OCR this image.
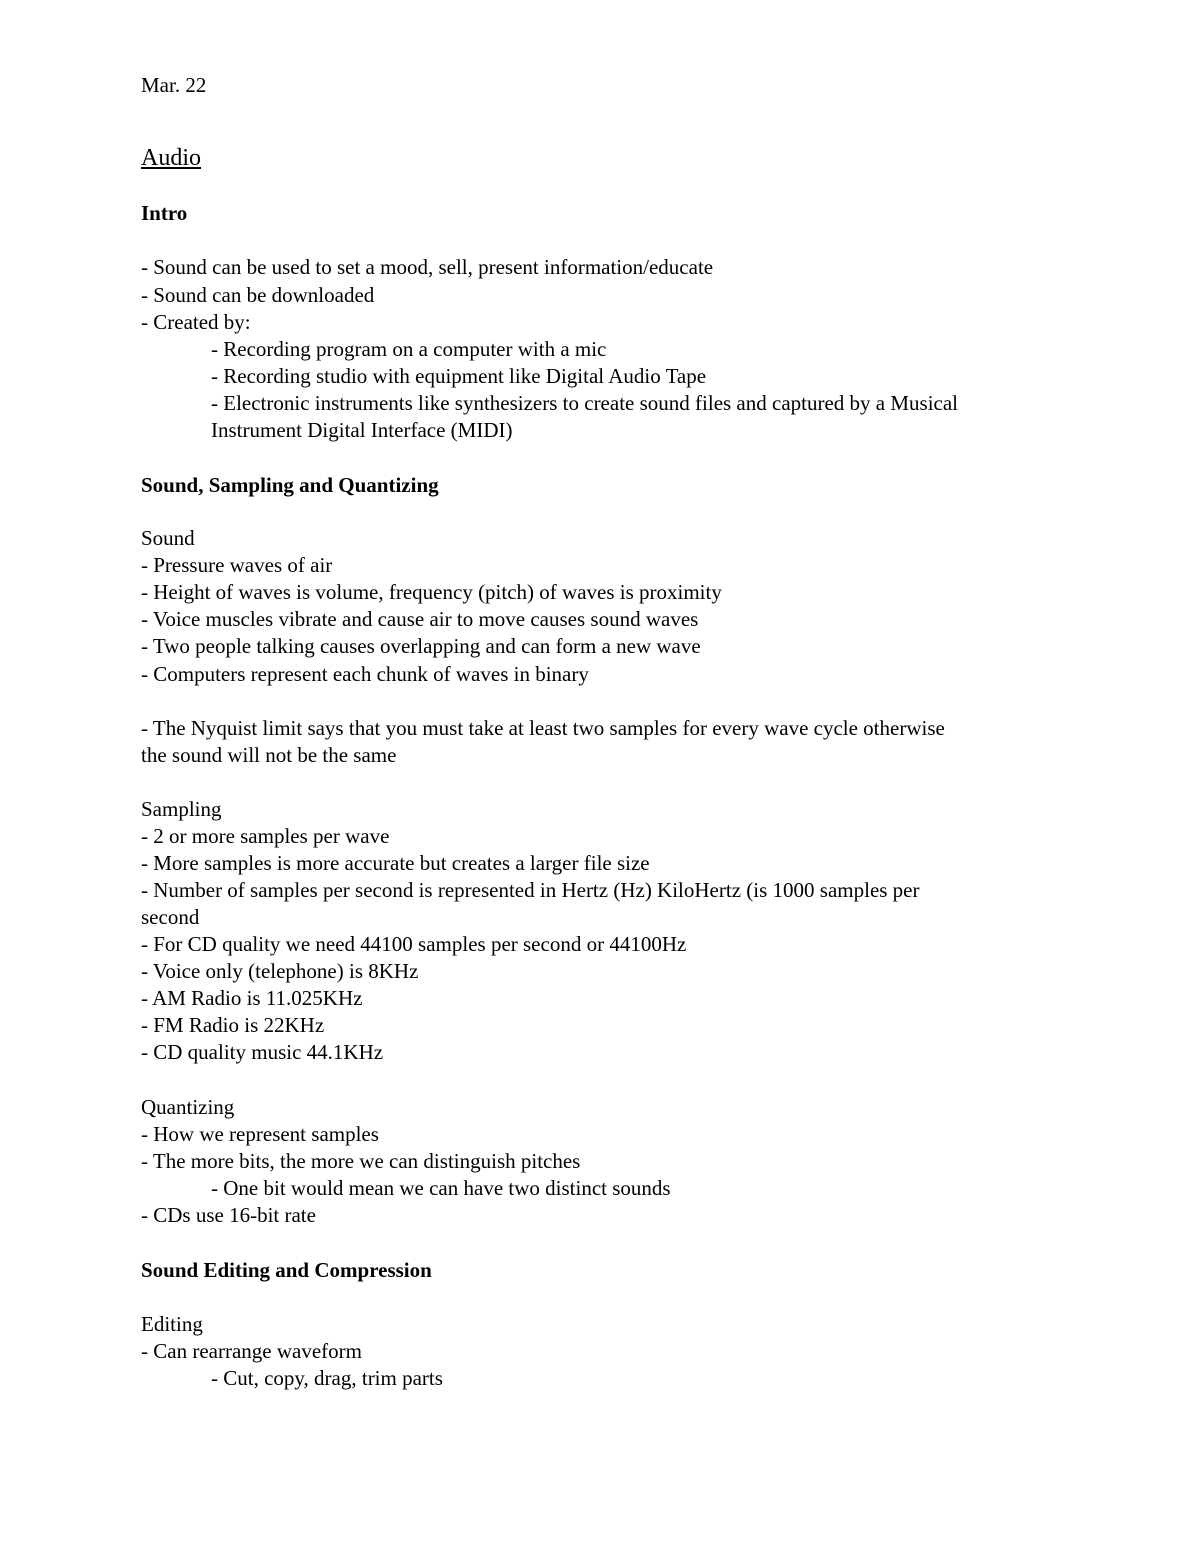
Mar. 22

Audio
Intro

- Sound can be used to set a mood, sell, present information/educate

- Sound can be downloaded

- Created by:

- Recording program on a computer with a mic

- Recording studio with equipment like Digital Audio Tape

- Electronic instruments like synthesizers to create sound files and captured by a Musical

Instrument Digital Interface (MIDI)

Sound, Sampling and Quantizing

Sound

- Pressure waves of air

- Height of waves is volume, frequency (pitch) of waves is proximity

- Voice muscles vibrate and cause air to move causes sound waves

- Two people talking causes overlapping and can form a new wave

- Computers represent each chunk of waves in binary

- The Nyquist limit says that you must take at least two samples for every wave cycle otherwise

the sound will not be the same

Sampling

- 2 or more samples per wave

- More samples is more accurate but creates a larger file size

- Number of samples per second is represented in Hertz (Hz) KiloHertz (is 1000 samples per

second

- For CD quality we need 44100 samples per second or 44100Hz

- Voice only (telephone) is 8KHz

- AM Radio is 11.025KHz

- FM Radio is 22KHz

- CD quality music 44.1KHz

Quantizing

- How we represent samples

- The more bits, the more we can distinguish pitches

- One bit would mean we can have two distinct sounds

- CDs use 16-bit rate

Sound Editing and Compression

Editing

- Can rearrange waveform

- Cut, copy, drag, trim parts
